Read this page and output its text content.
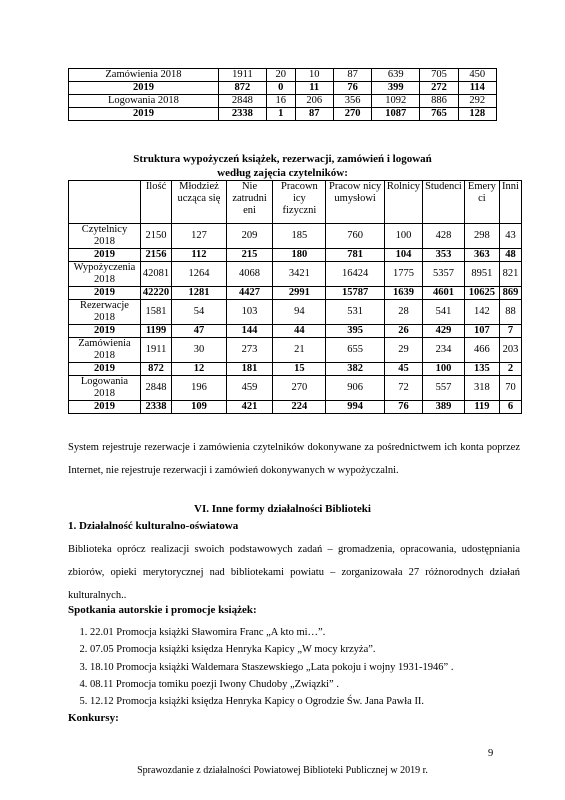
Zamówienia 2018	1911	20	10	87	639	705	450
2019	872	0	11	76	399	272	114
Logowania 2018	2848	16	206	356	1092	886	292
2019	2338	1	87	270	1087	765	128
Struktura wypożyczeń książek, rezerwacji, zamówień i logowań
według zajęcia czytelników:
	Ilość	Młodzież ucząca się	Nie zatrudni eni	Pracown icy fizyczni	Pracow nicy umysłowi	Rolnicy	Studenci	Emery ci	Inni
Czytelnicy 2018	2150	127	209	185	760	100	428	298	43
2019	2156	112	215	180	781	104	353	363	48
Wypożyczenia 2018	42081	1264	4068	3421	16424	1775	5357	8951	821
2019	42220	1281	4427	2991	15787	1639	4601	10625	869
Rezerwacje 2018	1581	54	103	94	531	28	541	142	88
2019	1199	47	144	44	395	26	429	107	7
Zamówienia 2018	1911	30	273	21	655	29	234	466	203
2019	872	12	181	15	382	45	100	135	2
Logowania 2018	2848	196	459	270	906	72	557	318	70
2019	2338	109	421	224	994	76	389	119	6
System rejestruje rezerwacje i zamówienia czytelników dokonywane za pośrednictwem ich konta poprzez Internet, nie rejestruje rezerwacji i zamówień dokonywanych w wypożyczalni.
VI. Inne formy działalności Biblioteki
1. Działalność kulturalno-oświatowa
Biblioteka oprócz realizacji swoich podstawowych zadań – gromadzenia, opracowania, udostępniania zbiorów, opieki merytorycznej nad bibliotekami powiatu – zorganizowała 27 różnorodnych działań kulturalnych..
Spotkania autorskie i promocje książek:
1. 22.01 Promocja książki Sławomira Franc „A kto mi…”.
2. 07.05 Promocja książki księdza Henryka Kapicy „W mocy krzyża”.
3. 18.10 Promocja książki Waldemara Staszewskiego „Lata pokoju i wojny 1931-1946” .
4. 08.11 Promocja tomiku poezji Iwony Chudoby „Związki” .
5. 12.12 Promocja książki księdza Henryka Kapicy o Ogrodzie Św. Jana Pawła II.
Konkursy:
9
Sprawozdanie z działalności Powiatowej Biblioteki Publicznej w 2019 r.
